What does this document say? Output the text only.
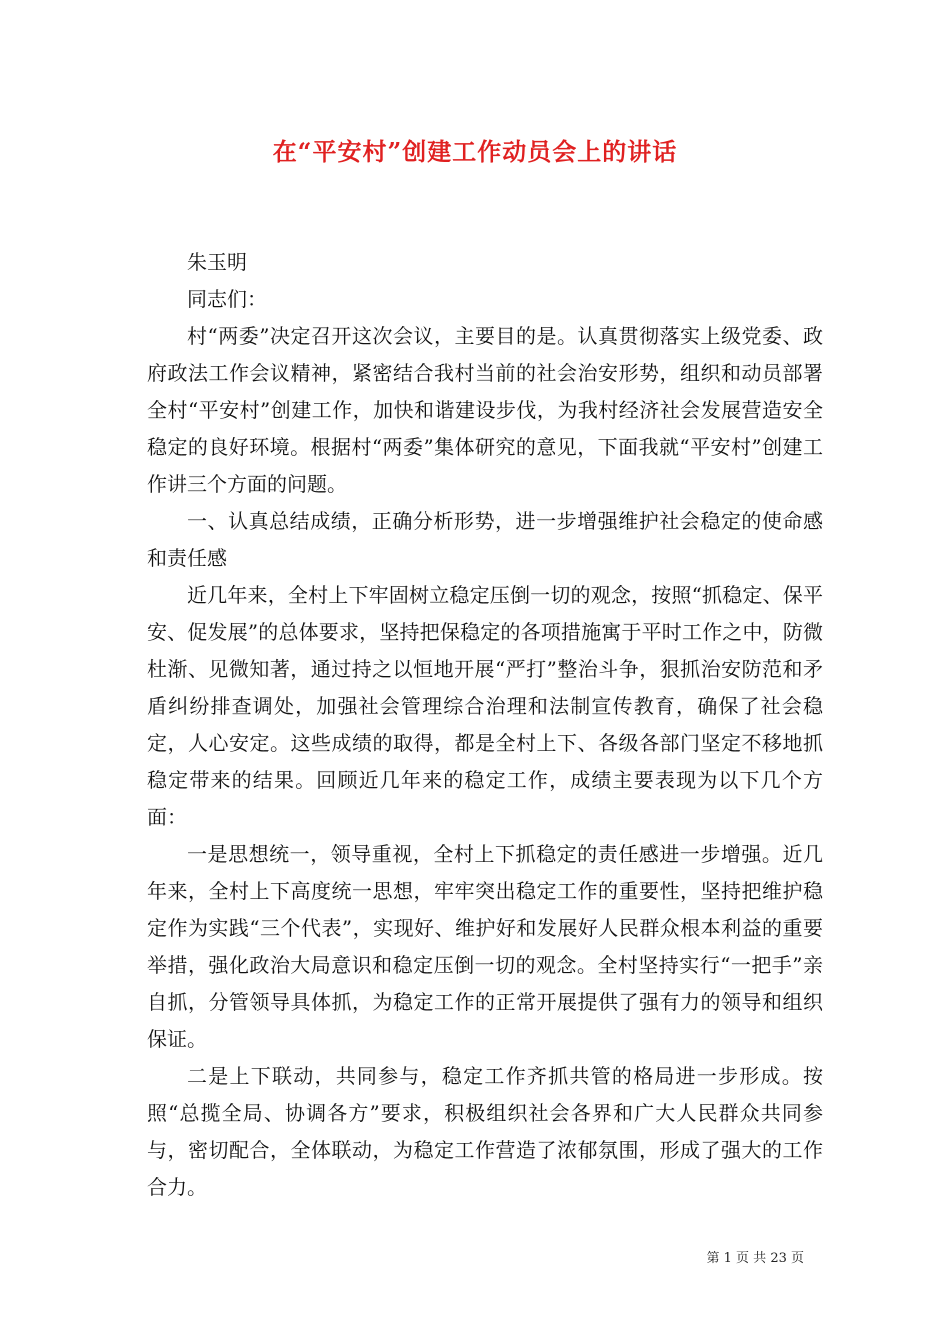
在“平安村”创建工作动员会上的讲话

朱玉明

同志们：

村“两委”决定召开这次会议，主要目的是。认真贯彻落实上级党委、政府政法工作会议精神，紧密结合我村当前的社会治安形势，组织和动员部署全村“平安村”创建工作，加快和谐建设步伐，为我村经济社会发展营造安全稳定的良好环境。根据村“两委”集体研究的意见，下面我就“平安村”创建工作讲三个方面的问题。

一、认真总结成绩，正确分析形势，进一步增强维护社会稳定的使命感和责任感

近几年来，全村上下牢固树立稳定压倒一切的观念，按照“抓稳定、保平安、促发展”的总体要求，坚持把保稳定的各项措施寓于平时工作之中，防微杜渐、见微知著，通过持之以恒地开展“严打”整治斗争，狠抓治安防范和矛盾纠纷排查调处，加强社会管理综合治理和法制宣传教育，确保了社会稳定，人心安定。这些成绩的取得，都是全村上下、各级各部门坚定不移地抓稳定带来的结果。回顾近几年来的稳定工作，成绩主要表现为以下几个方面：

一是思想统一，领导重视，全村上下抓稳定的责任感进一步增强。近几年来，全村上下高度统一思想，牢牢突出稳定工作的重要性，坚持把维护稳定作为实践“三个代表”，实现好、维护好和发展好人民群众根本利益的重要举措，强化政治大局意识和稳定压倒一切的观念。全村坚持实行“一把手”亲自抓，分管领导具体抓，为稳定工作的正常开展提供了强有力的领导和组织保证。

二是上下联动，共同参与，稳定工作齐抓共管的格局进一步形成。按照“总揽全局、协调各方”要求，积极组织社会各界和广大人民群众共同参与，密切配合，全体联动，为稳定工作营造了浓郁氛围，形成了强大的工作合力。

第 1 页 共 23 页
